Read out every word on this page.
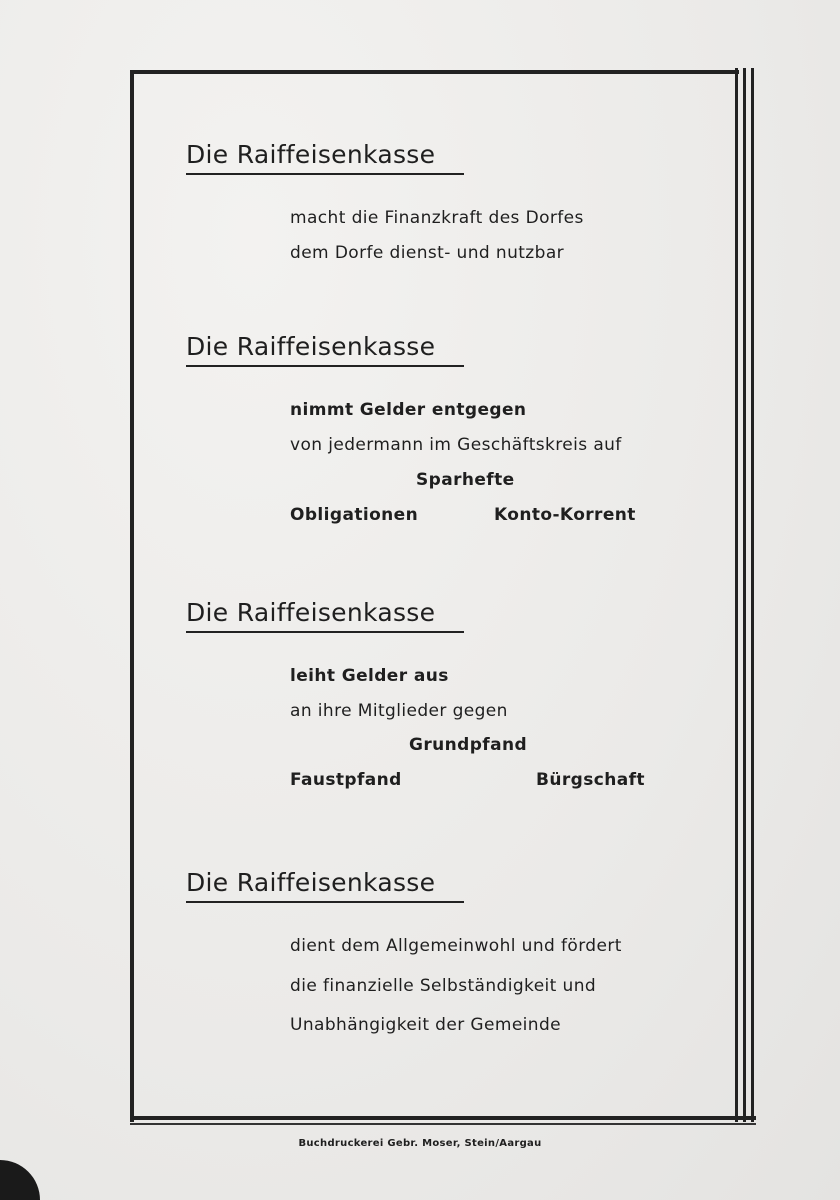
Die Raiffeisenkasse
macht die Finanzkraft des Dorfes
dem Dorfe dienst- und nutzbar
Die Raiffeisenkasse
nimmt Gelder entgegen
von jedermann im Geschäftskreis auf
Sparhefte
Obligationen	Konto-Korrent
Die Raiffeisenkasse
leiht Gelder aus
an ihre Mitglieder gegen
Grundpfand
Faustpfand	Bürgschaft
Die Raiffeisenkasse
dient dem Allgemeinwohl und fördert
die finanzielle Selbständigkeit und
Unabhängigkeit der Gemeinde
Buchdruckerei Gebr. Moser, Stein/Aargau
